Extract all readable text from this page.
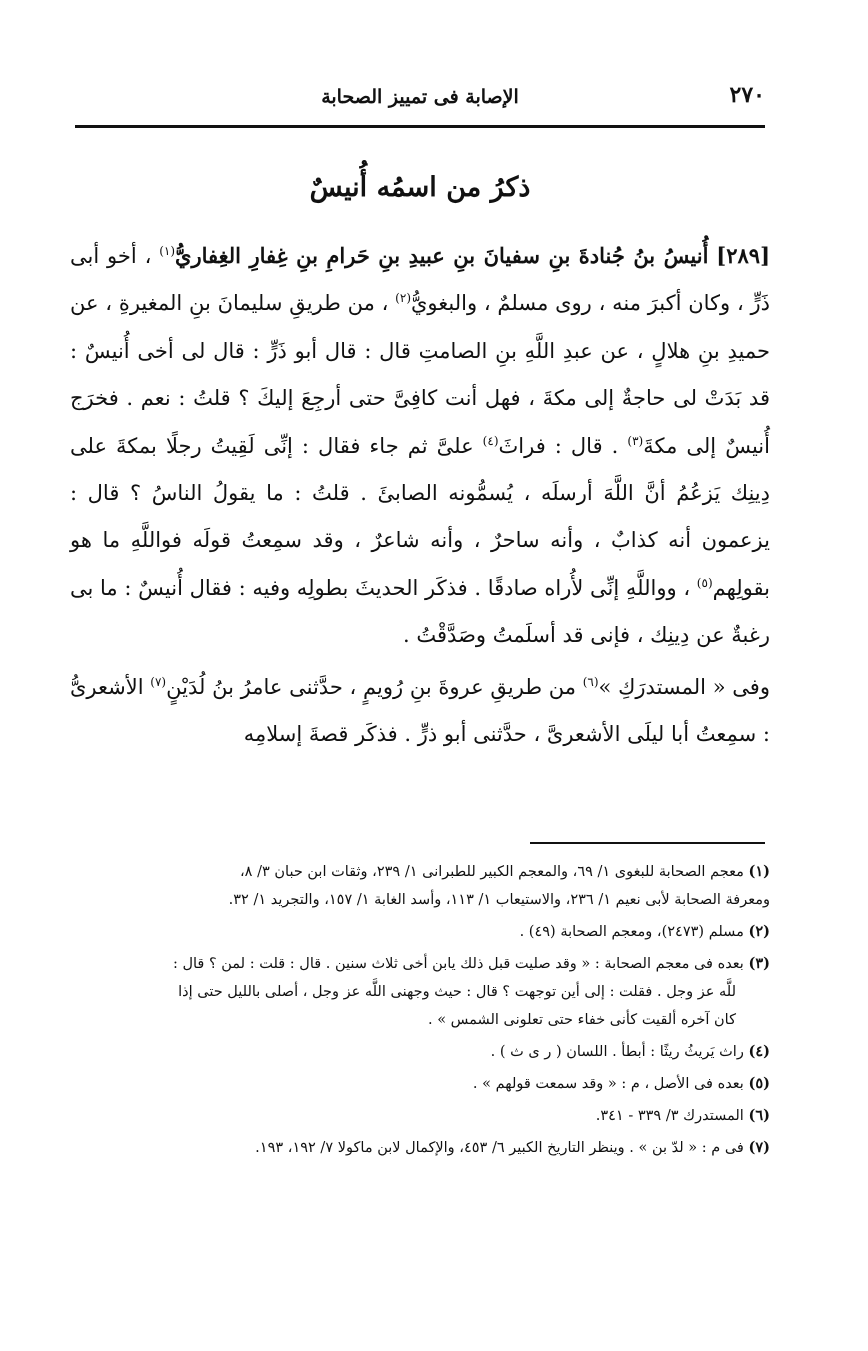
٢٧٠
الإصابة فى تمييز الصحابة
ذكرُ من اسمُه أُنيسٌ

[٢٨٩] أُنيسُ بنُ جُنادةَ بنِ سفيانَ بنِ عبيدِ بنِ حَرامِ بنِ غِفارِ الغِفاريُّ$^{(١)}$ ، أخو أبى ذَرٍّ ، وكان أكبرَ منه ، روى مسلمٌ ، والبغويُّ$^{(٢)}$ ، من طريقِ سليمانَ بنِ المغيرةِ ، عن حميدِ بنِ هلالٍ ، عن عبدِ اللَّهِ بنِ الصامتِ قال : قال أبو ذَرٍّ : قال لى أخى أُنيسٌ : قد بَدَتْ لى حاجةٌ إلى مكةَ ، فهل أنت كافِىَّ حتى أرجِعَ إليكَ ؟ قلتُ : نعم . فخرَج أُنيسٌ إلى مكةَ$^{(٣)}$ . قال : فراثَ$^{(٤)}$ علىَّ ثم جاء فقال : إنِّى لَقِيتُ رجلًا بمكةَ على دِينِك يَزعُمُ أنَّ اللَّهَ أرسلَه ، يُسمُّونه الصابئَ . قلتُ : ما يقولُ الناسُ ؟ قال : يزعمون أنه كذابٌ ، وأنه ساحرٌ ، وأنه شاعرٌ ، وقد سمِعتُ قولَه فواللَّهِ ما هو بقولِهم$^{(٥)}$ ، وواللَّهِ إنِّى لأُراه صادقًا . فذكَر الحديثَ بطولِه وفيه : فقال أُنيسٌ : ما بى رغبةٌ عن دِينِك ، فإنى قد أسلَمتُ وصَدَّقْتُ .

وفى « المستدرَكِ »$^{(٦)}$ من طريقِ عروةَ بنِ رُويمٍ ، حدَّثنى عامرُ بنُ لُدَيْنٍ$^{(٧)}$ الأشعرىُّ : سمِعتُ أبا ليلَى الأشعرىَّ ، حدَّثنى أبو ذرٍّ . فذكَر قصةَ إسلامِه

(١) معجم الصحابة للبغوى ١/ ٦٩، والمعجم الكبير للطبرانى ١/ ٢٣٩، وثقات ابن حبان ٣/ ٨،

ومعرفة الصحابة لأبى نعيم ١/ ٢٣٦، والاستيعاب ١/ ١١٣، وأسد الغابة ١/ ١٥٧، والتجريد ١/ ٣٢.

(٢) مسلم (٢٤٧٣)، ومعجم الصحابة (٤٩) .

(٣) بعده فى معجم الصحابة : « وقد صليت قبل ذلك يابن أخى ثلاث سنين . قال : قلت : لمن ؟ قال :

للَّه عز وجل . فقلت : إلى أين توجهت ؟ قال : حيث وجهنى اللَّه عز وجل ، أصلى بالليل حتى إذا

كان آخره ألقيت كأنى خفاء حتى تعلونى الشمس » .

(٤) راث يَريثُ ريثًا : أبطأ . اللسان ( ر ى ث ) .

(٥) بعده فى الأصل ، م : « وقد سمعت قولهم » .

(٦) المستدرك ٣/ ٣٣٩ - ٣٤١.

(٧) فى م : « لدّ بن » . وينظر التاريخ الكبير ٦/ ٤٥٣، والإكمال لابن ماكولا ٧/ ١٩٢، ١٩٣.
